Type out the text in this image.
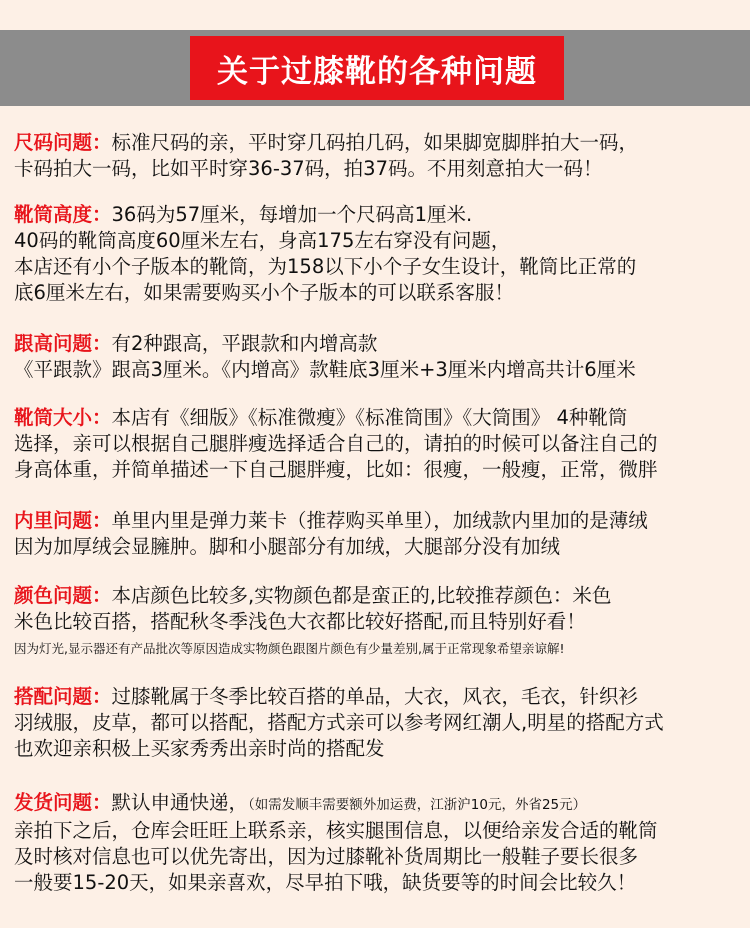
关于过膝靴的各种问题
尺码问题：标准尺码的亲，平时穿几码拍几码，如果脚宽脚胖拍大一码，
卡码拍大一码，比如平时穿36-37码，拍37码。不用刻意拍大一码！
靴筒高度：36码为57厘米，每增加一个尺码高1厘米.
40码的靴筒高度60厘米左右，身高175左右穿没有问题，
本店还有小个子版本的靴筒，为158以下小个子女生设计，靴筒比正常的
底6厘米左右，如果需要购买小个子版本的可以联系客服！
跟高问题：有2种跟高，平跟款和内增高款
《平跟款》跟高3厘米。《内增高》款鞋底3厘米+3厘米内增高共计6厘米
靴筒大小：本店有《细版》《标准微瘦》《标准筒围》《大筒围》 4种靴筒
选择，亲可以根据自己腿胖瘦选择适合自己的，请拍的时候可以备注自己的
身高体重，并简单描述一下自己腿胖瘦，比如：很瘦，一般瘦，正常，微胖
内里问题：单里内里是弹力莱卡（推荐购买单里），加绒款内里加的是薄绒
因为加厚绒会显臃肿。脚和小腿部分有加绒，大腿部分没有加绒
颜色问题：本店颜色比较多,实物颜色都是蛮正的,比较推荐颜色：米色
米色比较百搭，搭配秋冬季浅色大衣都比较好搭配,而且特别好看！
因为灯光,显示器还有产品批次等原因造成实物颜色跟图片颜色有少量差别,属于正常现象希望亲谅解!
搭配问题：过膝靴属于冬季比较百搭的单品，大衣，风衣，毛衣，针织衫
羽绒服，皮草，都可以搭配，搭配方式亲可以参考网红潮人,明星的搭配方式
也欢迎亲积极上买家秀秀出亲时尚的搭配发
发货问题：默认申通快递，（如需发顺丰需要额外加运费，江浙沪10元，外省25元）
亲拍下之后，仓库会旺旺上联系亲，核实腿围信息，以便给亲发合适的靴筒
及时核对信息也可以优先寄出，因为过膝靴补货周期比一般鞋子要长很多
一般要15-20天，如果亲喜欢，尽早拍下哦，缺货要等的时间会比较久！
